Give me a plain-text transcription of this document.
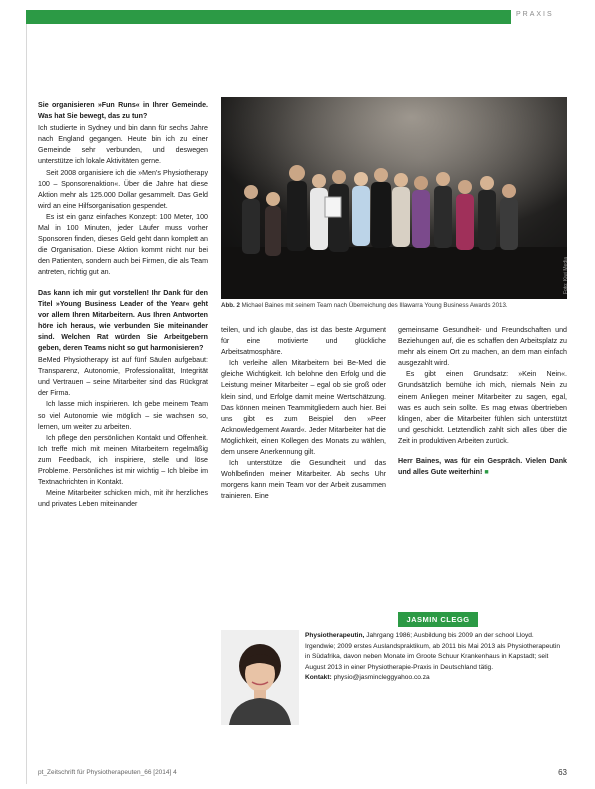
PRAXIS

Sie organisieren »Fun Runs« in Ihrer Gemeinde. Was hat Sie bewegt, das zu tun?

Ich studierte in Sydney und bin dann für sechs Jahre nach England gegangen. Heute bin ich zu einer Gemeinde sehr verbunden, und deswegen unterstütze ich lokale Aktivitäten gerne.

Seit 2008 organisiere ich die »Men’s Physiotherapy 100 – Sponsorenaktion«. Über die Jahre hat diese Aktion mehr als 125.000 Dollar gesammelt. Das Geld wird an eine Hilfsorganisation gespendet.

Es ist ein ganz einfaches Konzept: 100 Meter, 100 Mal in 100 Minuten, jeder Läufer muss vorher Sponsoren finden, dieses Geld geht dann komplett an die Organisation. Diese Aktion kommt nicht nur bei den Patienten, sondern auch bei Firmen, die als Team antreten, richtig gut an.

Das kann ich mir gut vorstellen! Ihr Dank für den Titel »Young Business Leader of the Year« geht vor allem Ihren Mitarbeitern. Aus Ihren Antworten höre ich heraus, wie verbunden Sie miteinander sind. Welchen Rat würden Sie Arbeitgebern geben, deren Teams nicht so gut harmonisieren?

BeMed Physiotherapy ist auf fünf Säulen aufgebaut: Transparenz, Autonomie, Professionalität, Integrität und Vertrauen – seine Mitarbeiter sind das Rückgrat der Firma.

Ich lasse mich inspirieren. Ich gebe meinem Team so viel Autonomie wie möglich – sie wachsen so, lernen, um weiter zu arbeiten.

Ich pflege den persönlichen Kontakt und Offenheit. Ich treffe mich mit meinen Mitarbeitern regelmäßig zum Feedback, ich inspiriere, stelle und löse Probleme. Persönliches ist mir wichtig – Ich bleibe im Textnachrichten in Kontakt.

Meine Mitarbeiter schicken mich, mit ihr herzliches und privates Leben miteinander

Foto: Kiwi Media
Abb. 2 Michael Baines mit seinem Team nach Überreichung des Illawarra Young Business Awards 2013.

teilen, und ich glaube, das ist das beste Argument für eine motivierte und glückliche Arbeitsatmosphäre.

Ich verleihe allen Mitarbeitern bei Be-Med die gleiche Wichtigkeit. Ich belohne den Erfolg und die Leistung meiner Mitarbeiter – egal ob sie groß oder klein sind, und Erfolge damit meine Wertschätzung. Das können meinen Teammitgliedern auch hier. Bei uns gibt es zum Beispiel den »Peer Acknowledgement Award«. Jeder Mitarbeiter hat die Möglichkeit, einen Kollegen des Monats zu wählen, dem unsere Anerkennung gilt.

Ich unterstütze die Gesundheit und das Wohlbefinden meiner Mitarbeiter. Ab sechs Uhr morgens kann mein Team vor der Arbeit zusammen trainieren. Eine

gemeinsame Gesundheit- und Freundschaften und Beziehungen auf, die es schaffen den Arbeitsplatz zu mehr als einem Ort zu machen, an dem man einfach ausgezahlt wird.

Es gibt einen Grundsatz: »Kein Nein«. Grundsätzlich bemühe ich mich, niemals Nein zu einem Anliegen meiner Mitarbeiter zu sagen, egal, was es auch sein sollte. Es mag etwas übertrieben klingen, aber die Mitarbeiter fühlen sich unterstützt und geschickt. Letztendlich zahlt sich alles über die Zeit in produktiven Arbeiten zurück.

Herr Baines, was für ein Gespräch. Vielen Dank und alles Gute weiterhin! ■

JASMIN CLEGG
Physiotherapeutin, Jahrgang 1986; Ausbildung bis 2009 an der school Lloyd. Irgendwie; 2009 erstes Auslandspraktikum, ab 2011 bis Mai 2013 als Physiotherapeutin in Südafrika, davon neben Monate im Groote Schuur Krankenhaus in Kapstadt; seit August 2013 in einer Physiotherapie-Praxis in Deutschland tätig.
Kontakt: physio@jasmincleggyahoo.co.za
pt_Zeitschrift für Physiotherapeuten_66 [2014] 4	63
